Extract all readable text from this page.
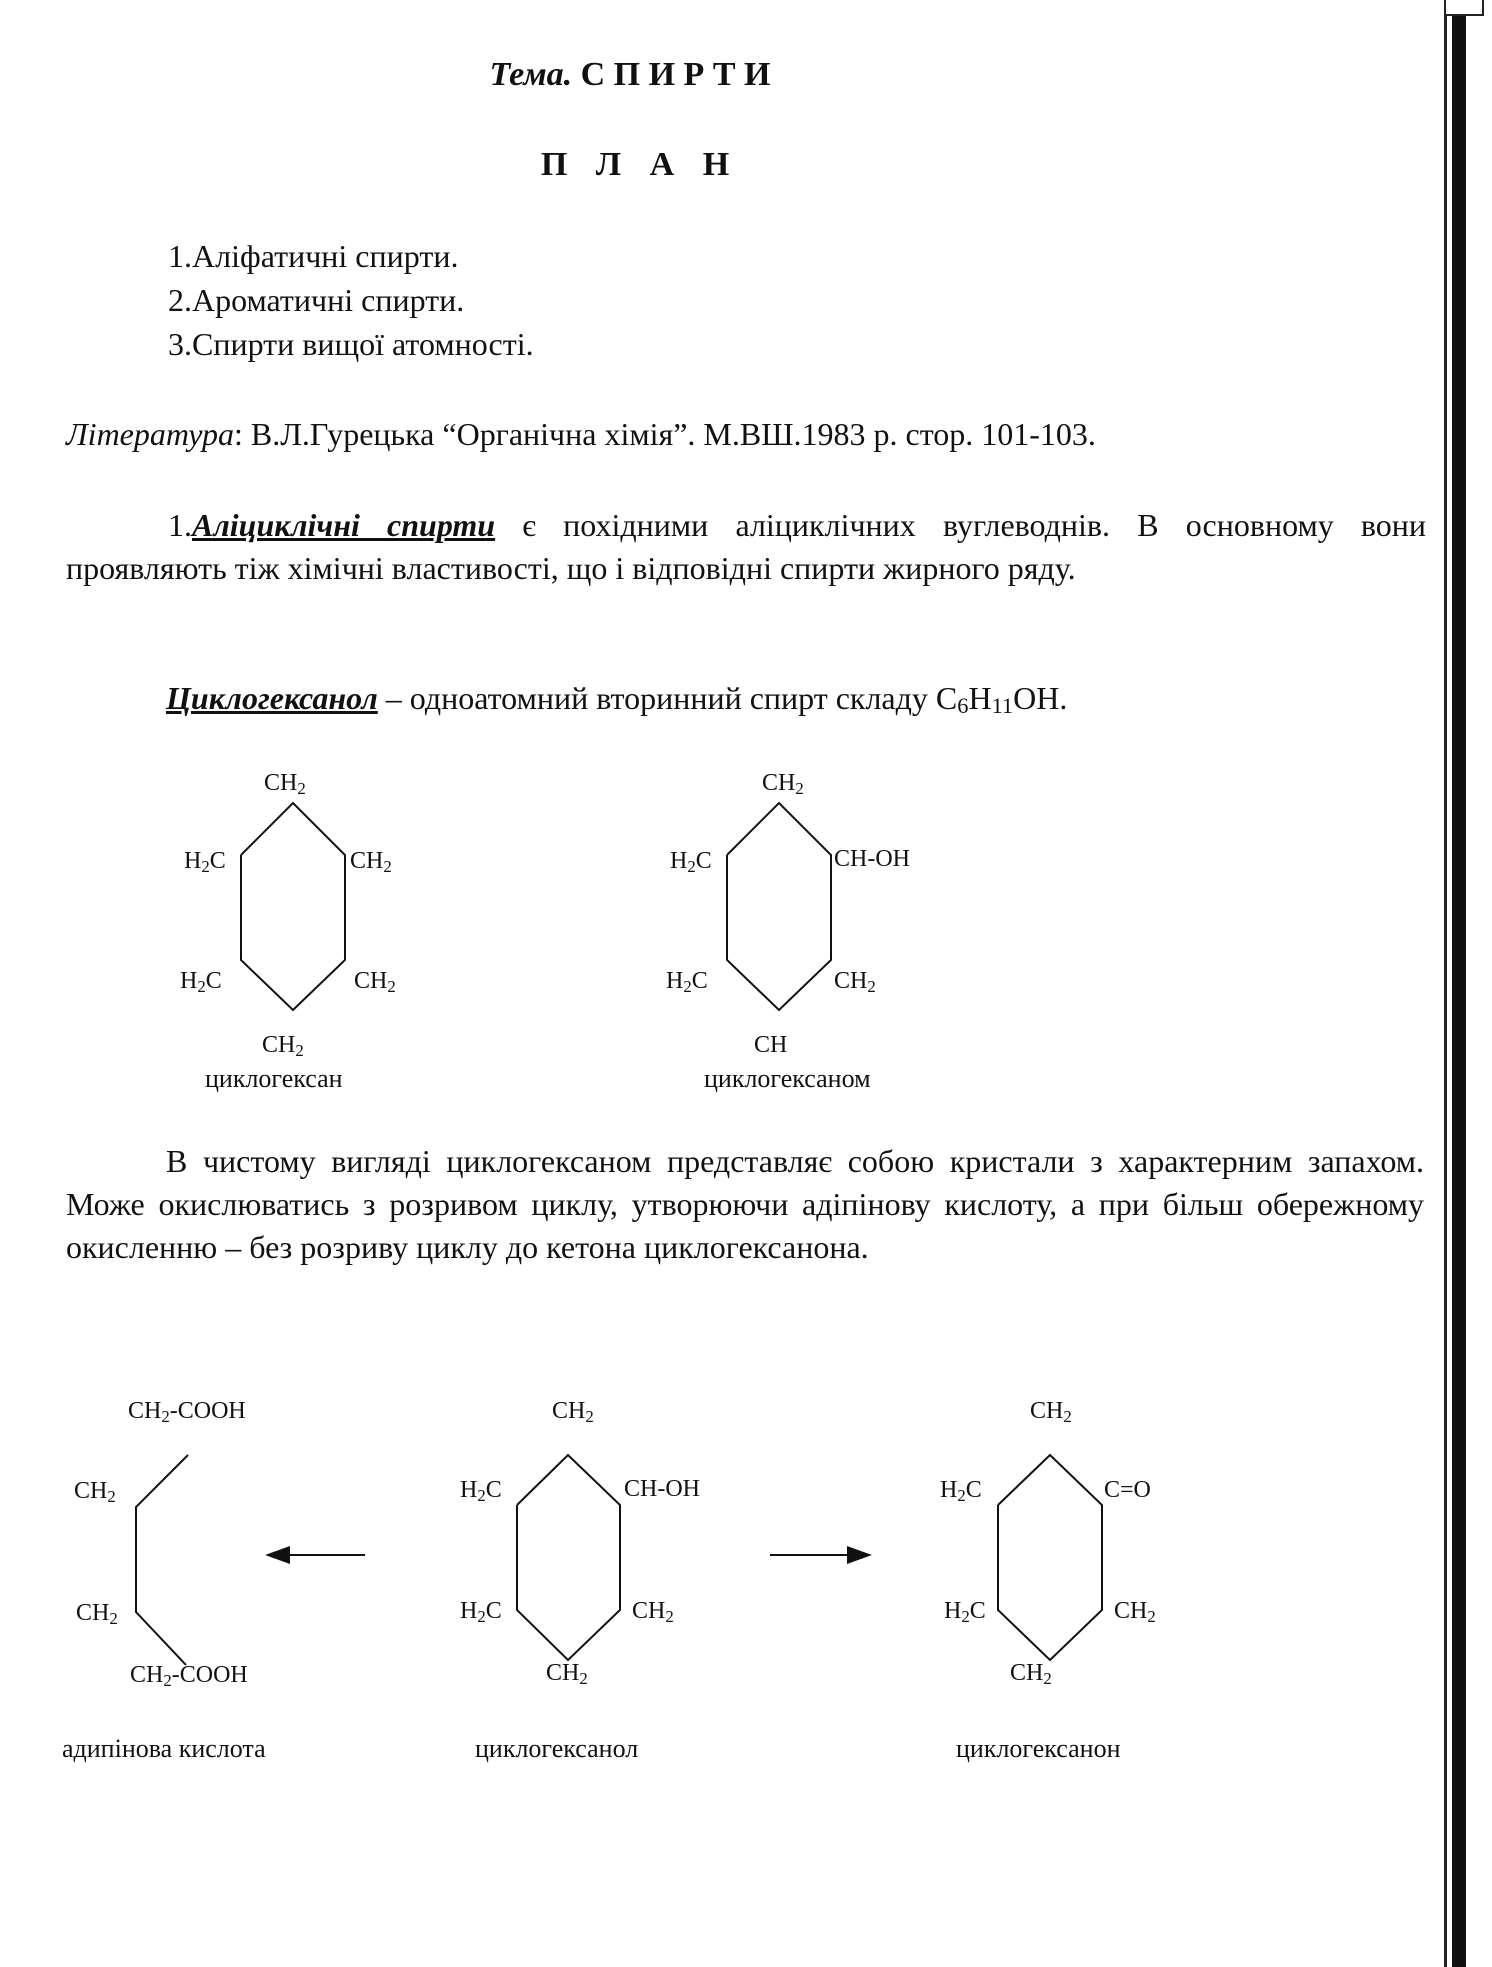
Тема. С П И Р Т И
П Л А Н
1.Аліфатичні спирти.
2.Ароматичні спирти.
3.Спирти вищої атомності.
Література: В.Л.Гурецька “Органічна хімія”. М.ВШ.1983 р. стор. 101-103.

1.Аліциклічні спирти є похідними аліциклічних вуглеводнів. В основному вони проявляють тіж хімічні властивості, що і відповідні спирти жирного ряду.

Циклогексанол – одноатомний вторинний спирт складу $C_6H_{11}OH$.
$CH_2$
$H_2C$	$CH_2$
$H_2C$	$CH_2$
$CH_2$
циклогексан
$CH_2$
$H_2C$	CH-OH
$H_2C$	$CH_2$
CH
циклогексаном

В чистому вигляді циклогексаном представляє собою кристали з характерним запахом. Може окислюватись з розривом циклу, утворюючи адіпінову кислоту, а при більш обережному окисленню – без розриву циклу до кетона циклогексанона.

$CH_2$-COOH
$CH_2$
$CH_2$
$CH_2$-COOH
адипінова кислота
$CH_2$
$H_2C$	CH-OH
$H_2C$	$CH_2$
$CH_2$
циклогексанол
$CH_2$
$H_2C$	C=O
$H_2C$	$CH_2$
$CH_2$
циклогексанон
